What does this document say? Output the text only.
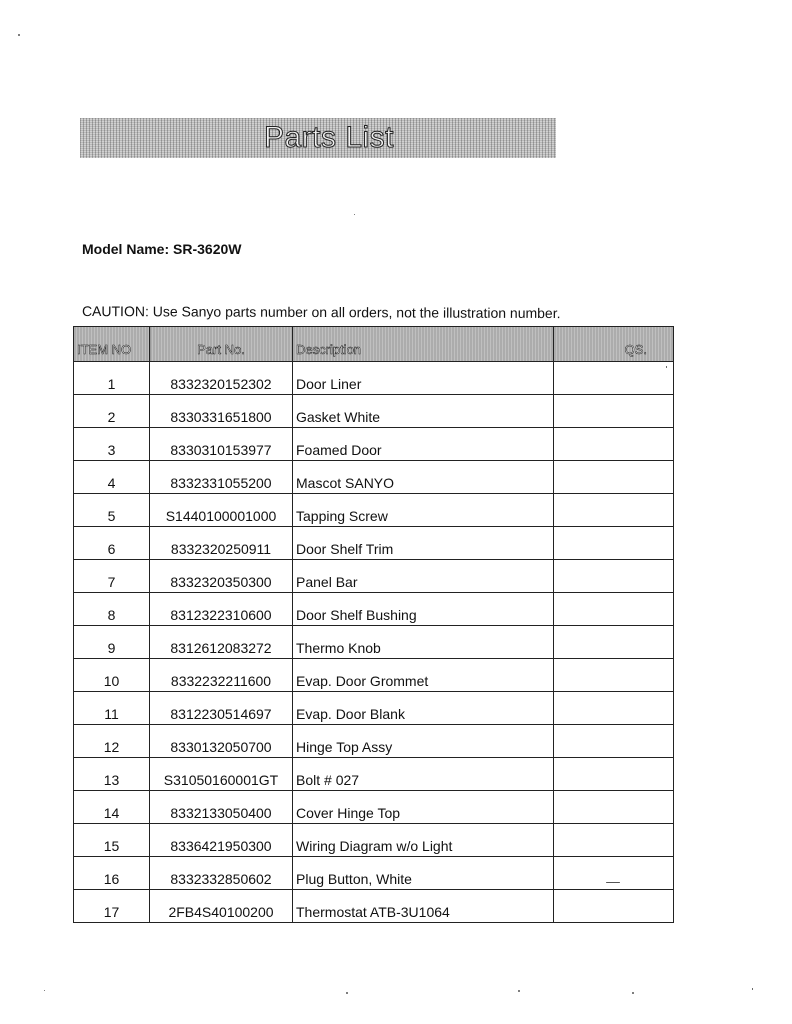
Parts List
Model Name: SR-3620W
CAUTION: Use Sanyo parts number on all orders, not the illustration number.
ITEM NO	Part No.	Description	QS.
1	8332320152302	Door Liner	
2	8330331651800	Gasket White	
3	8330310153977	Foamed Door	
4	8332331055200	Mascot SANYO	
5	S1440100001000	Tapping Screw	
6	8332320250911	Door Shelf Trim	
7	8332320350300	Panel Bar	
8	8312322310600	Door Shelf Bushing	
9	8312612083272	Thermo Knob	
10	8332232211600	Evap. Door Grommet	
11	8312230514697	Evap. Door Blank	
12	8330132050700	Hinge Top Assy	
13	S31050160001GT	Bolt # 027	
14	8332133050400	Cover Hinge Top	
15	8336421950300	Wiring Diagram w/o Light	
16	8332332850602	Plug Button, White	
17	2FB4S40100200	Thermostat ATB-3U1064	
